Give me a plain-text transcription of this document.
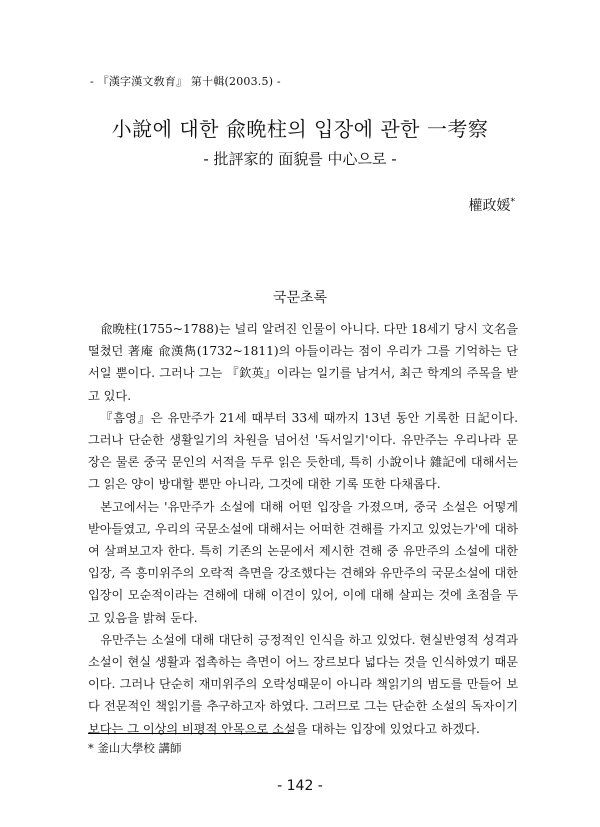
- 『漢字漢文敎育』 第十輯(2003.5) -
小說에 대한 兪晩柱의 입장에 관한 一考察
- 批評家的 面貌를 中心으로 -
權政媛*
국문초록

兪晩柱(1755~1788)는 널리 알려진 인물이 아니다. 다만 18세기 당시 文名을 떨쳤던 著庵 兪漢雋(1732~1811)의 아들이라는 점이 우리가 그를 기억하는 단서일 뿐이다. 그러나 그는 『欽英』이라는 일기를 남겨서, 최근 학계의 주목을 받고 있다.

『흠영』은 유만주가 21세 때부터 33세 때까지 13년 동안 기록한 日記이다. 그러나 단순한 생활일기의 차원을 넘어선 '독서일기'이다. 유만주는 우리나라 문장은 물론 중국 문인의 서적을 두루 읽은 듯한데, 특히 小說이나 雜記에 대해서는 그 읽은 양이 방대할 뿐만 아니라, 그것에 대한 기록 또한 다채롭다.

본고에서는 '유만주가 소설에 대해 어떤 입장을 가졌으며, 중국 소설은 어떻게 받아들였고, 우리의 국문소설에 대해서는 어떠한 견해를 가지고 있었는가'에 대하여 살펴보고자 한다. 특히 기존의 논문에서 제시한 견해 중 유만주의 소설에 대한 입장, 즉 흥미위주의 오락적 측면을 강조했다는 견해와 유만주의 국문소설에 대한 입장이 모순적이라는 견해에 대해 이견이 있어, 이에 대해 살피는 것에 초점을 두고 있음을 밝혀 둔다.

유만주는 소설에 대해 대단히 긍정적인 인식을 하고 있었다. 현실반영적 성격과 소설이 현실 생활과 접촉하는 측면이 어느 장르보다 넓다는 것을 인식하였기 때문이다. 그러나 단순히 재미위주의 오락성때문이 아니라 책읽기의 범도를 만들어 보다 전문적인 책읽기를 추구하고자 하였다. 그러므로 그는 단순한 소설의 독자이기보다는 그 이상의 비평적 안목으로 소설을 대하는 입장에 있었다고 하겠다.

* 釜山大學校 講師
- 142 -
